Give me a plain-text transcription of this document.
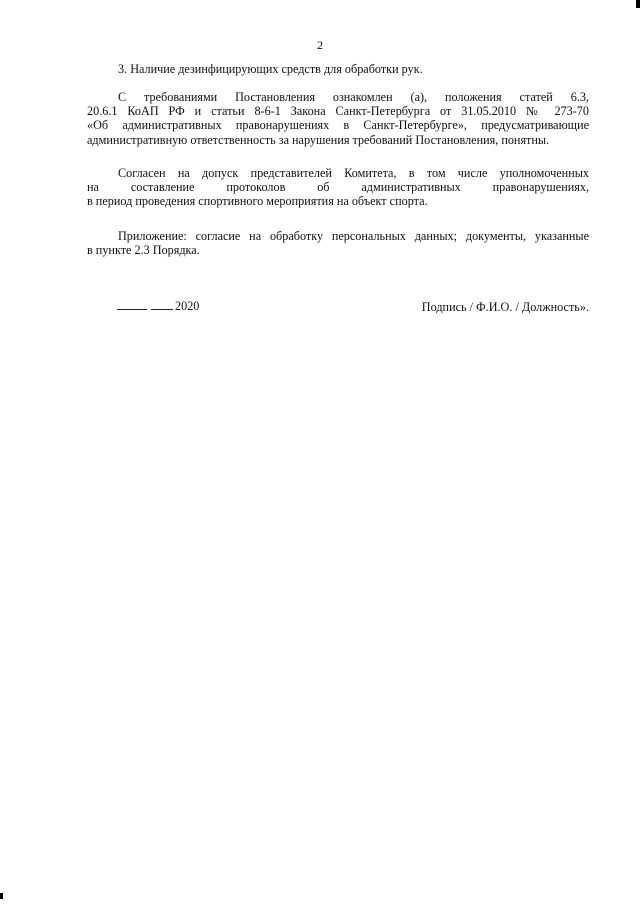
2
3. Наличие дезинфицирующих средств для обработки рук.
С требованиями Постановления ознакомлен (а), положения статей 6.3,
20.6.1 КоАП РФ и статьи 8-6-1 Закона Санкт-Петербурга от 31.05.2010 № 273-70
«Об административных правонарушениях в Санкт-Петербурге», предусматривающие
административную ответственность за нарушения требований Постановления, понятны.
Согласен на допуск представителей Комитета, в том числе уполномоченных
на составление протоколов об административных правонарушениях,
в период проведения спортивного мероприятия на объект спорта.
Приложение: согласие на обработку персональных данных; документы, указанные
в пункте 2.3 Порядка.
2020	Подпись / Ф.И.О. / Должность».
